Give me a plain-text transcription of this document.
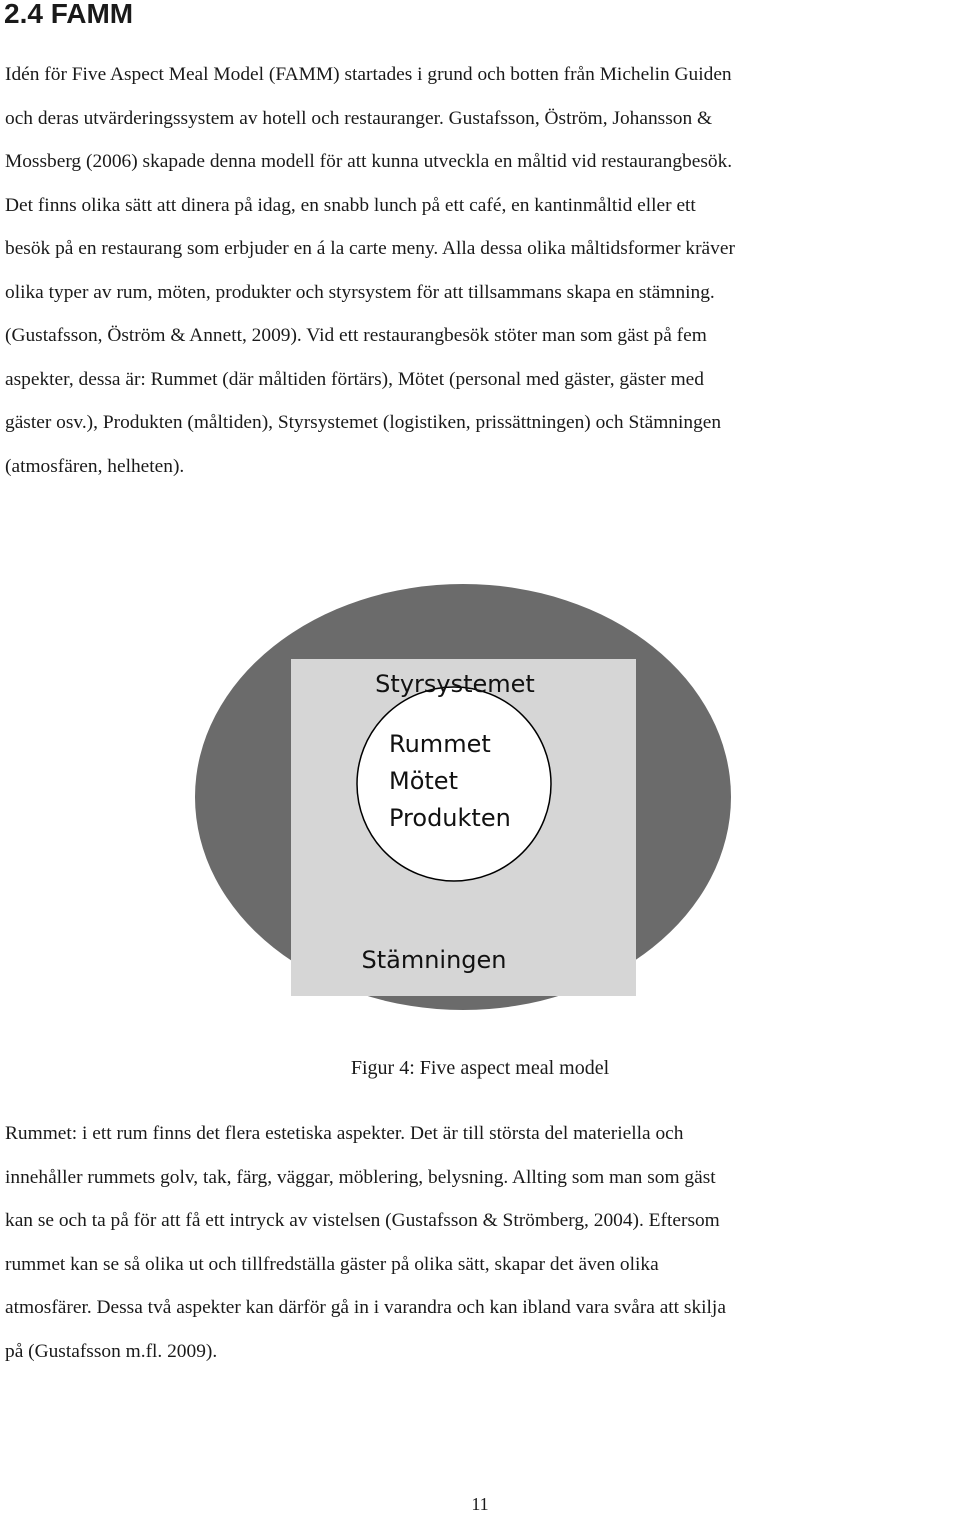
2.4 FAMM
Idén för Five Aspect Meal Model (FAMM) startades i grund och botten från Michelin Guiden
och deras utvärderingssystem av hotell och restauranger. Gustafsson, Öström, Johansson &
Mossberg (2006) skapade denna modell för att kunna utveckla en måltid vid restaurangbesök.
Det finns olika sätt att dinera på idag, en snabb lunch på ett café, en kantinmåltid eller ett
besök på en restaurang som erbjuder en á la carte meny. Alla dessa olika måltidsformer kräver
olika typer av rum, möten, produkter och styrsystem för att tillsammans skapa en stämning.
(Gustafsson, Öström & Annett, 2009). Vid ett restaurangbesök stöter man som gäst på fem
aspekter, dessa är: Rummet (där måltiden förtärs), Mötet (personal med gäster, gäster med
gäster osv.), Produkten (måltiden), Styrsystemet (logistiken, prissättningen) och Stämningen
(atmosfären, helheten).
Styrsystemet
Rummet
Mötet
Produkten
Stämningen

Figur 4: Five aspect meal model

Rummet: i ett rum finns det flera estetiska aspekter. Det är till största del materiella och
innehåller rummets golv, tak, färg, väggar, möblering, belysning. Allting som man som gäst
kan se och ta på för att få ett intryck av vistelsen (Gustafsson & Strömberg, 2004). Eftersom
rummet kan se så olika ut och tillfredställa gäster på olika sätt, skapar det även olika
atmosfärer. Dessa två aspekter kan därför gå in i varandra och kan ibland vara svåra att skilja
på (Gustafsson m.fl. 2009).
11
